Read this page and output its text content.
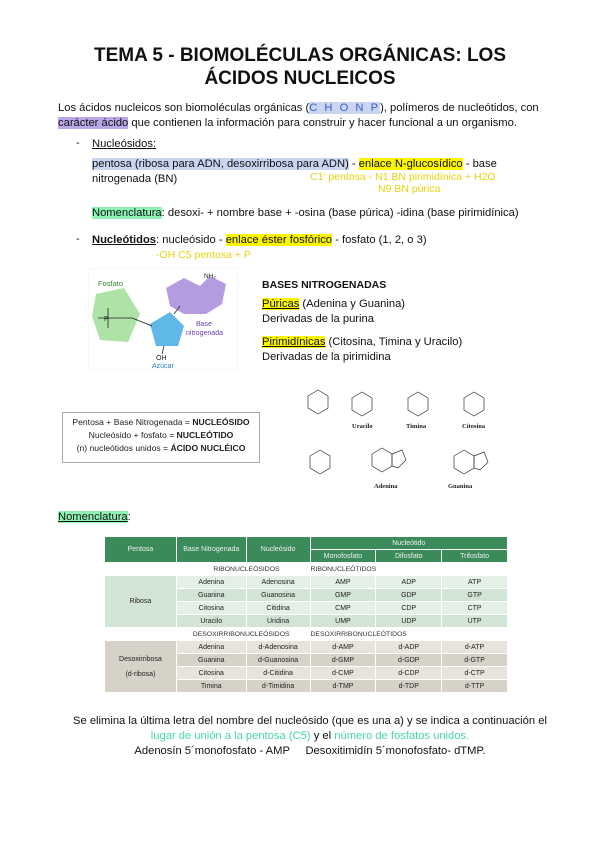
TEMA 5 - BIOMOLÉCULAS ORGÁNICAS: LOS
ÁCIDOS NUCLEICOS
Los ácidos nucleicos son biomoléculas orgánicas (C H O N P), polímeros de nucleótidos, con
carácter ácido que contienen la información para construir y hacer funcional a un organismo.
- Nucleósidos:
pentosa (ribosa para ADN, desoxirribosa para ADN) - enlace N-glucosídico - base
nitrogenada (BN)	C1' pentosa - N1 BN pirimidínica + H2O
N9 BN púrica
Nomenclatura: desoxi- + nombre base + -osina (base púrica) -idina (base pirimidínica)
- Nucleótidos: nucleósido - enlace éster fosfórico - fosfato (1, 2, o 3)
-OH C5 pentosa + P
Fosfato
P
NH₂
Base
nitrogenada
OH
Azúcar
BASES NITROGENADAS
Púricas (Adenina y Guanina)
Derivadas de la purina
Pirimidínicas (Citosina, Timina y Uracilo)
Derivadas de la pirimidina
Uracilo	Timina	Citosina
Adenina	Guanina
Pentosa + Base Nitrogenada = NUCLEÓSIDO
Nucleósido + fosfato = NUCLEÓTIDO
(n) nucleótidos unidos = ÁCIDO NUCLÉICO
Nomenclatura:
Pentosa	Base Nitrogenada	Nucleósido	Nucleótido		
			Monofosfato	Difosfato	Trifosfato
RIBONUCLEÓSIDOS			RIBONUCLEÓTIDOS		
Ribosa	Adenina	Adenosina	AMP	ADP	ATP
	Guanina	Guanosina	GMP	GDP	GTP
	Citosina	Citidina	CMP	CDP	CTP
	Uracilo	Uridina	UMP	UDP	UTP
DESOXIRRIBONUCLEÓSIDOS			DESOXIRRIBONUCLEÓTIDOS		

Desoxirribosa
(d-ribosa)	Adenina	d-Adenosina	d-AMP	d-ADP	d-ATP
	Guanina	d-Guanosina	d-GMP	d-GDP	d-GTP
	Citosina	d-Citidina	d-CMP	d-CDP	d-CTP
	Timina	d-Timidina	d-TMP	d-TDP	d-TTP
Se elimina la última letra del nombre del nucleósido (que es una a) y se indica a continuación el
lugar de unión a la pentosa (C5) y el número de fosfatos unidos.
Adenosín 5´monofosfato - AMP Desoxitimidín 5´monofosfato- dTMP.
